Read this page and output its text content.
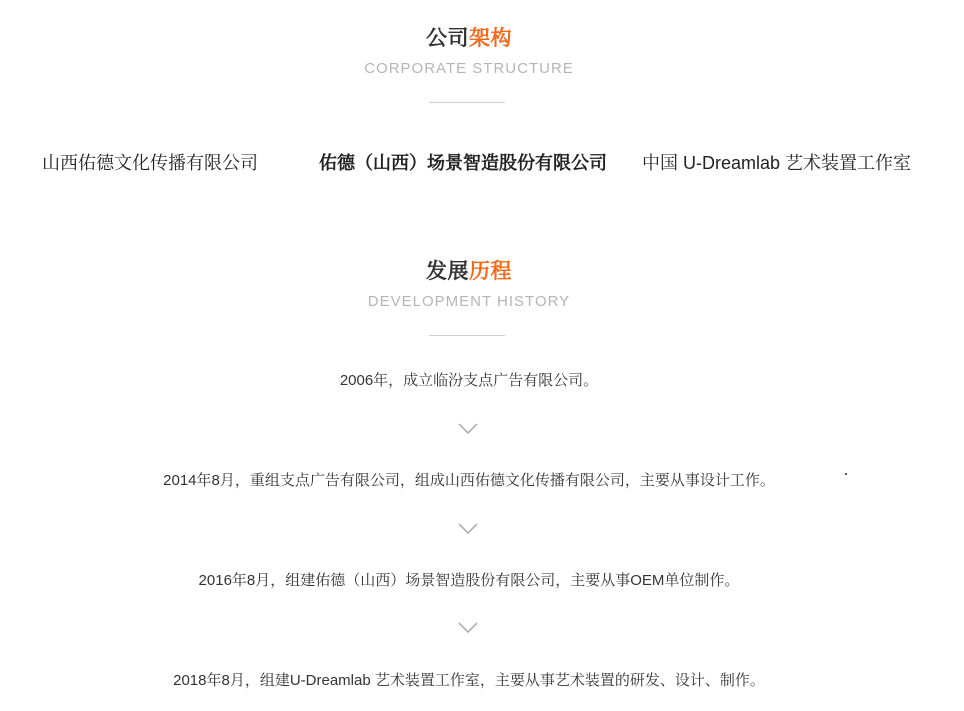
公司架构
CORPORATE STRUCTURE
山西佑德文化传播有限公司	佑德（山西）场景智造股份有限公司 中国 U-Dreamlab 艺术装置工作室
发展历程
DEVELOPMENT HISTORY
2006年，成立临汾支点广告有限公司。
2014年8月，重组支点广告有限公司，组成山西佑德文化传播有限公司，主要从事设计工作。
2016年8月，组建佑德（山西）场景智造股份有限公司，主要从事OEM单位制作。
2018年8月，组建U-Dreamlab 艺术装置工作室，主要从事艺术装置的研发、设计、制作。
